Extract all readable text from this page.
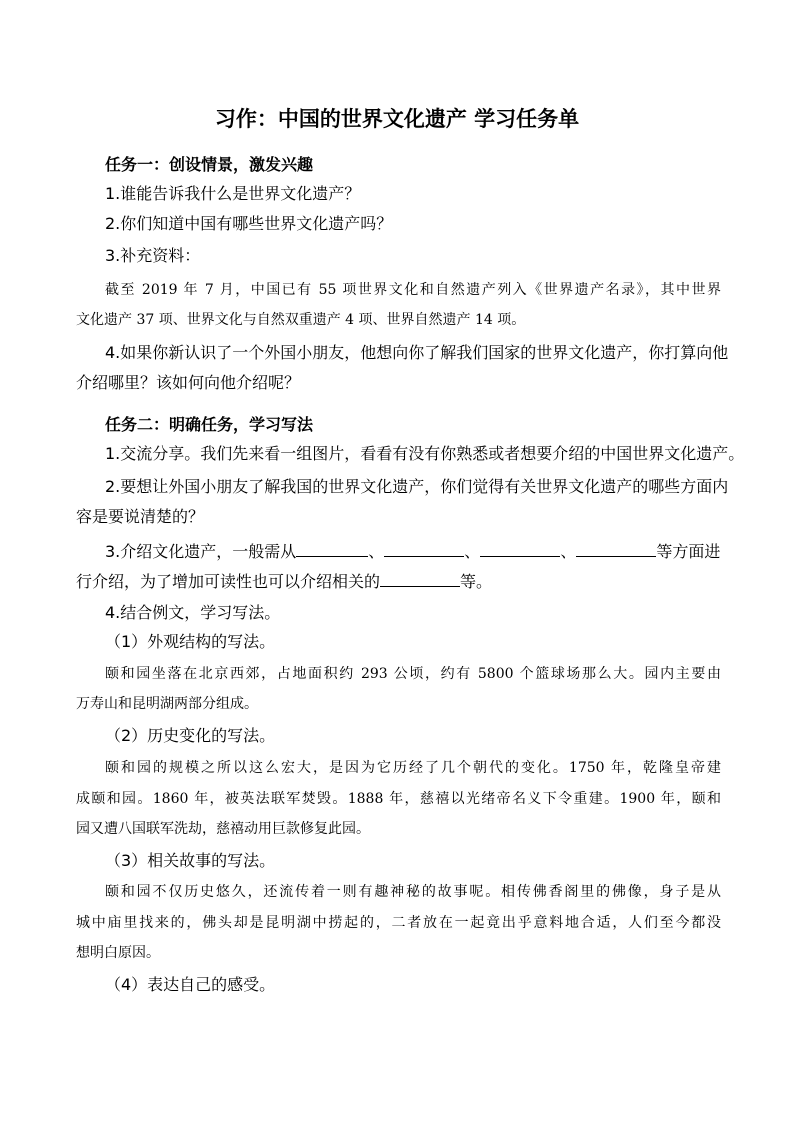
习作：中国的世界文化遗产 学习任务单
任务一：创设情景，激发兴趣
1.谁能告诉我什么是世界文化遗产？
2.你们知道中国有哪些世界文化遗产吗？
3.补充资料：
截至 2019 年 7 月，中国已有 55 项世界文化和自然遗产列入《世界遗产名录》，其中世界
文化遗产 37 项、世界文化与自然双重遗产 4 项、世界自然遗产 14 项。
4.如果你新认识了一个外国小朋友，他想向你了解我们国家的世界文化遗产，你打算向他
介绍哪里？该如何向他介绍呢？
任务二：明确任务，学习写法
1.交流分享。我们先来看一组图片，看看有没有你熟悉或者想要介绍的中国世界文化遗产。
2.要想让外国小朋友了解我国的世界文化遗产，你们觉得有关世界文化遗产的哪些方面内
容是要说清楚的？
3.介绍文化遗产，一般需从	、	、	、	等方面进
行介绍，为了增加可读性也可以介绍相关的	等。
4.结合例文，学习写法。
（1）外观结构的写法。
颐和园坐落在北京西郊，占地面积约 293 公顷，约有 5800 个篮球场那么大。园内主要由
万寿山和昆明湖两部分组成。
（2）历史变化的写法。
颐和园的规模之所以这么宏大，是因为它历经了几个朝代的变化。1750 年，乾隆皇帝建
成颐和园。1860 年，被英法联军焚毁。1888 年，慈禧以光绪帝名义下令重建。1900 年，颐和
园又遭八国联军洗劫，慈禧动用巨款修复此园。
（3）相关故事的写法。
颐和园不仅历史悠久，还流传着一则有趣神秘的故事呢。相传佛香阁里的佛像，身子是从
城中庙里找来的，佛头却是昆明湖中捞起的，二者放在一起竟出乎意料地合适，人们至今都没
想明白原因。
（4）表达自己的感受。
